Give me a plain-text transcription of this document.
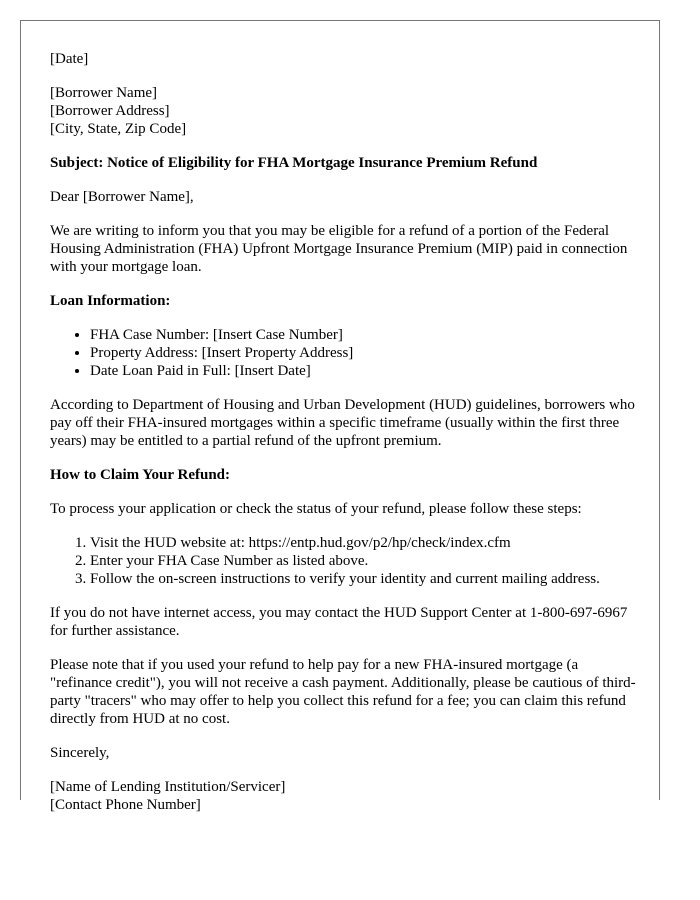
[Date]

[Borrower Name]
[Borrower Address]
[City, State, Zip Code]

Subject: Notice of Eligibility for FHA Mortgage Insurance Premium Refund

Dear [Borrower Name],

We are writing to inform you that you may be eligible for a refund of a portion of the Federal Housing Administration (FHA) Upfront Mortgage Insurance Premium (MIP) paid in connection with your mortgage loan.

Loan Information:

• FHA Case Number: [Insert Case Number]
• Property Address: [Insert Property Address]
• Date Loan Paid in Full: [Insert Date]

According to Department of Housing and Urban Development (HUD) guidelines, borrowers who pay off their FHA-insured mortgages within a specific timeframe (usually within the first three years) may be entitled to a partial refund of the upfront premium.

How to Claim Your Refund:

To process your application or check the status of your refund, please follow these steps:

1. Visit the HUD website at: https://entp.hud.gov/p2/hp/check/index.cfm
2. Enter your FHA Case Number as listed above.
3. Follow the on-screen instructions to verify your identity and current mailing address.

If you do not have internet access, you may contact the HUD Support Center at 1-800-697-6967 for further assistance.

Please note that if you used your refund to help pay for a new FHA-insured mortgage (a "refinance credit"), you will not receive a cash payment. Additionally, please be cautious of third-party "tracers" who may offer to help you collect this refund for a fee; you can claim this refund directly from HUD at no cost.

Sincerely,

[Name of Lending Institution/Servicer]
[Contact Phone Number]
